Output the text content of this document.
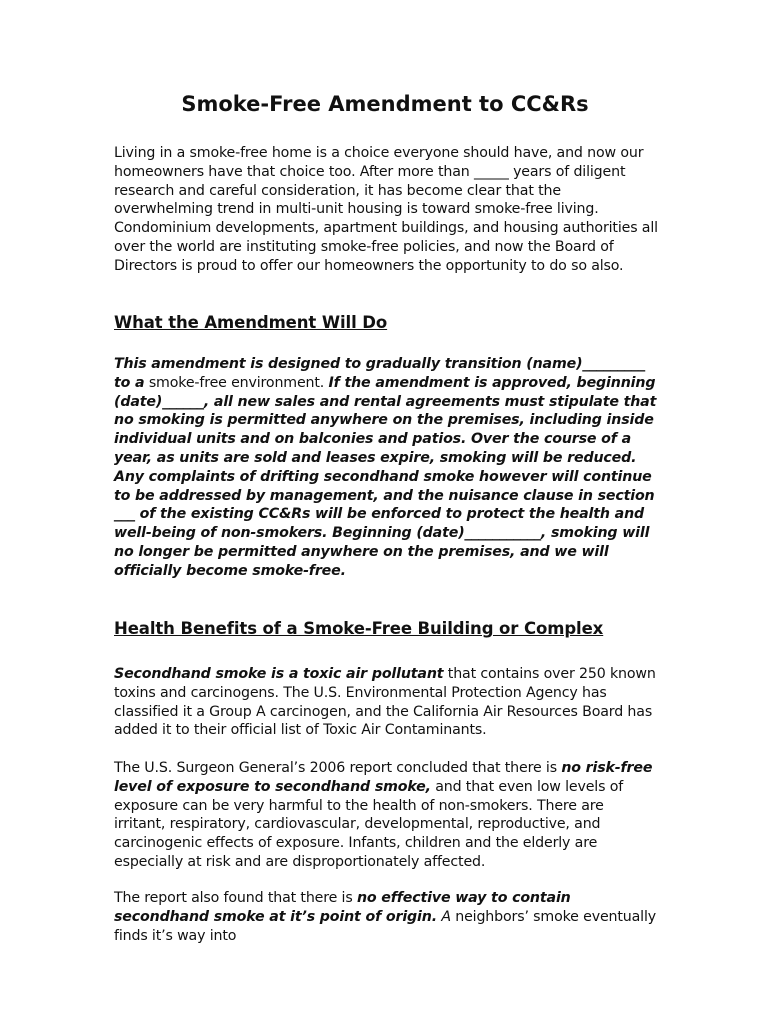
Smoke-Free Amendment to CC&Rs

Living in a smoke-free home is a choice everyone should have, and now our homeowners have that choice too. After more than _____ years of diligent research and careful consideration, it has become clear that the overwhelming trend in multi-unit housing is toward smoke-free living. Condominium developments, apartment buildings, and housing authorities all over the world are instituting smoke-free policies, and now the Board of Directors is proud to offer our homeowners the opportunity to do so also.

What the Amendment Will Do

This amendment is designed to gradually transition (name)_________ to a smoke-free environment. If the amendment is approved, beginning (date)______, all new sales and rental agreements must stipulate that no smoking is permitted anywhere on the premises, including inside individual units and on balconies and patios. Over the course of a year, as units are sold and leases expire, smoking will be reduced. Any complaints of drifting secondhand smoke however will continue to be addressed by management, and the nuisance clause in section ___ of the existing CC&Rs will be enforced to protect the health and well-being of non-smokers. Beginning (date)___________, smoking will no longer be permitted anywhere on the premises, and we will officially become smoke-free.

Health Benefits of a Smoke-Free Building or Complex

Secondhand smoke is a toxic air pollutant that contains over 250 known toxins and carcinogens. The U.S. Environmental Protection Agency has classified it a Group A carcinogen, and the California Air Resources Board has added it to their official list of Toxic Air Contaminants.

The U.S. Surgeon General’s 2006 report concluded that there is no risk-free level of exposure to secondhand smoke, and that even low levels of exposure can be very harmful to the health of non-smokers. There are irritant, respiratory, cardiovascular, developmental, reproductive, and carcinogenic effects of exposure. Infants, children and the elderly are especially at risk and are disproportionately affected.

The report also found that there is no effective way to contain secondhand smoke at it’s point of origin. A neighbors’ smoke eventually finds it’s way into
